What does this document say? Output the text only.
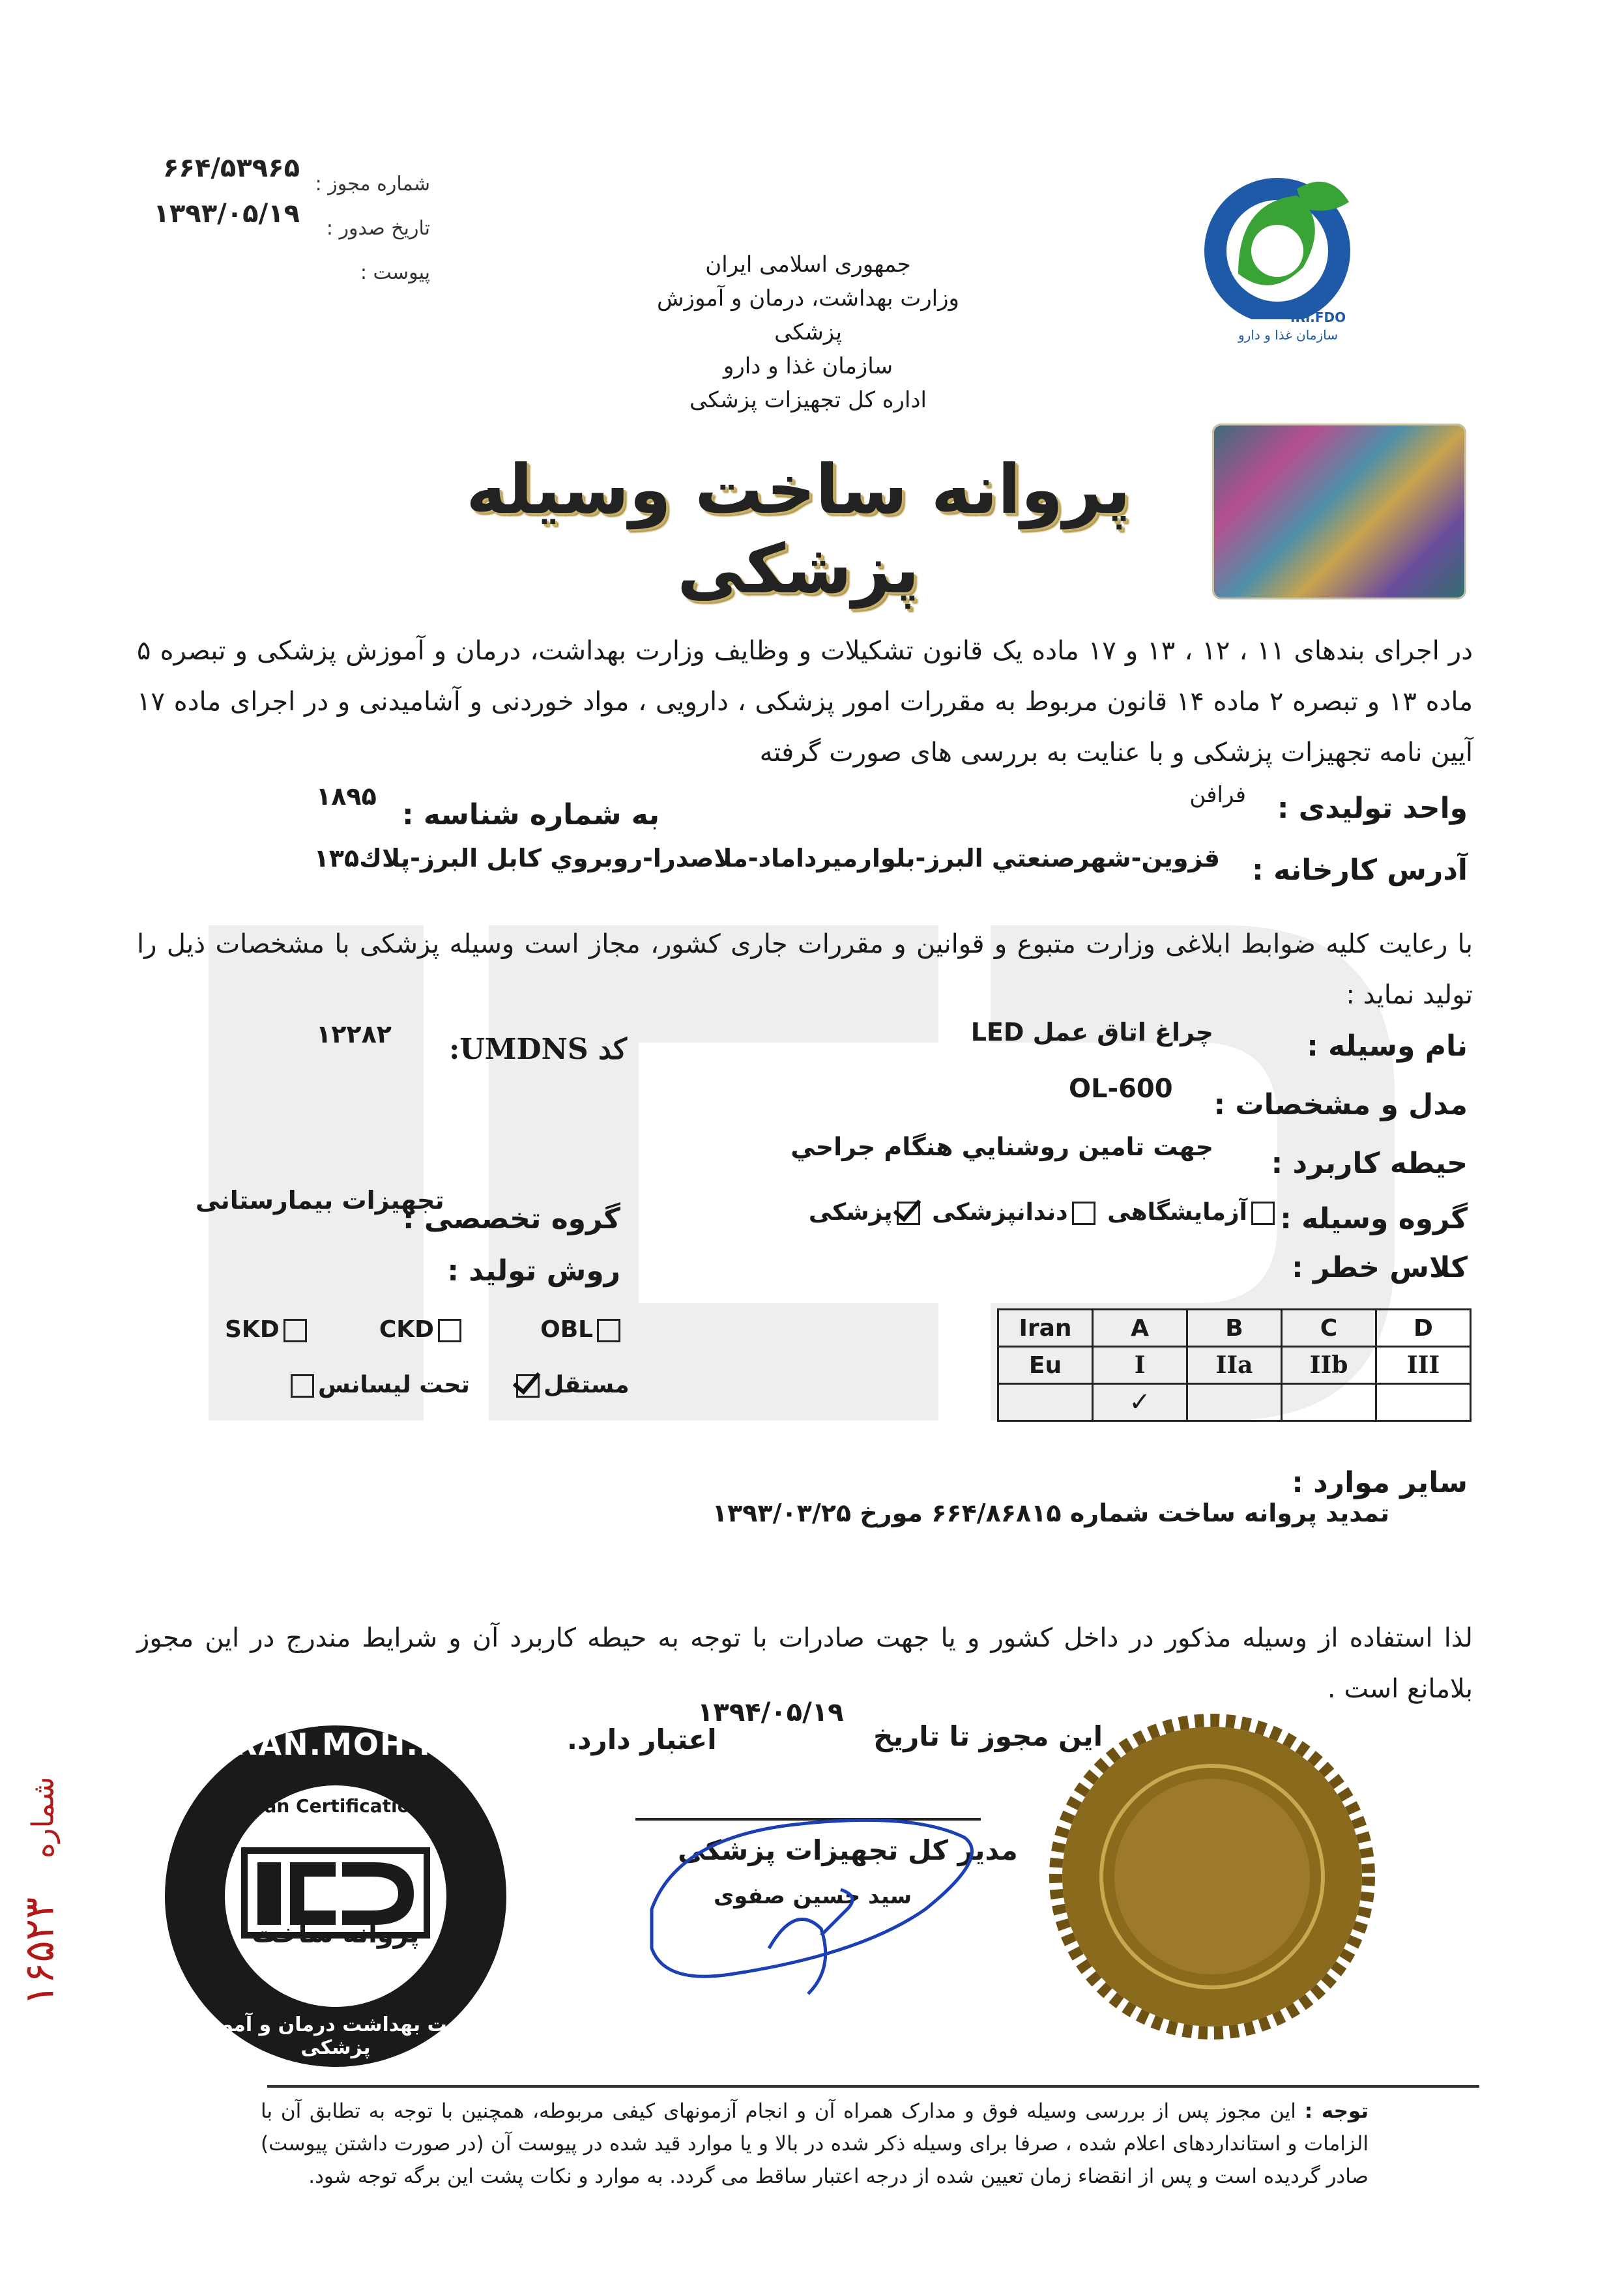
شماره مجوز :
۶۶۴/۵۳۹۶۵
تاریخ صدور :
۱۳۹۳/۰۵/۱۹
پیوست :	جمهوری اسلامی ایران
وزارت بهداشت، درمان و آموزش پزشکی
سازمان غذا و دارو
اداره کل تجهیزات پزشکی
IRI.FDO
سازمان غذا و دارو
پروانه ساخت وسیله پزشکی
در اجرای بندهای ۱۱ ، ۱۲ ، ۱۳ و ۱۷ ماده یک قانون تشکیلات و وظایف وزارت بهداشت، درمان و آموزش پزشکی و تبصره ۵ ماده ۱۳ و تبصره ۲ ماده ۱۴ قانون مربوط به مقررات امور پزشکی ، دارویی ، مواد خوردنی و آشامیدنی و در اجرای ماده ۱۷ آیین نامه تجهیزات پزشکی و با عنایت به بررسی های صورت گرفته
واحد تولیدی :
فرافن
به شماره شناسه :
۱۸۹۵
آدرس کارخانه :
قزوین-شهرصنعتي البرز-بلوارمیرداماد-ملاصدرا-روبروي كابل البرز-پلاك۱۳۵
با رعایت کلیه ضوابط ابلاغی وزارت متبوع و قوانین و مقررات جاری کشور، مجاز است وسیله پزشکی با مشخصات ذیل را تولید نماید :
نام وسیله :
چراغ اتاق عمل LED
کد UMDNS:
۱۲۲۸۲
مدل و مشخصات :
OL-600
حیطه کاربرد :
جهت تامین روشنايي هنگام جراحي
گروه وسیله :
آزمایشگاهی دندانپزشکی پزشکی
گروه تخصصی :
تجهیزات بیمارستانی
کلاس خطر :
روش تولید :
SKD	CKD	OBL
مستقل  تحت لیسانس
Iran	A	B	C	D
Eu	I	IIa	IIb	III
	✓			
سایر موارد :
تمدید پروانه ساخت شماره ۶۶۴/۸۶۸۱۵ مورخ ۱۳۹۳/۰۳/۲۵
لذا استفاده از وسیله مذکور در داخل کشور و یا جهت صادرات با توجه به حیطه کاربرد آن و شرایط مندرج در این مجوز بلامانع است .
این مجوز تا تاریخ
۱۳۹۴/۰۵/۱۹
اعتبار دارد.
IRAN.MOH.M.E.D
Iran Certification
پروانه ساخت
وزارت بهداشت درمان و آموزش پزشکی
مدیر کل تجهیزات پزشکی
سید حسین صفوی
شماره ۱۶۵۲۳
توجه : این مجوز پس از بررسی وسیله فوق و مدارک همراه آن و انجام آزمونهای کیفی مربوطه، همچنین با توجه به تطابق آن با الزامات و استانداردهای اعلام شده ، صرفا برای وسیله ذکر شده در بالا و یا موارد قید شده در پیوست آن (در صورت داشتن پیوست) صادر گردیده است و پس از انقضاء زمان تعیین شده از درجه اعتبار ساقط می گردد. به موارد و نکات پشت این برگه توجه شود.
